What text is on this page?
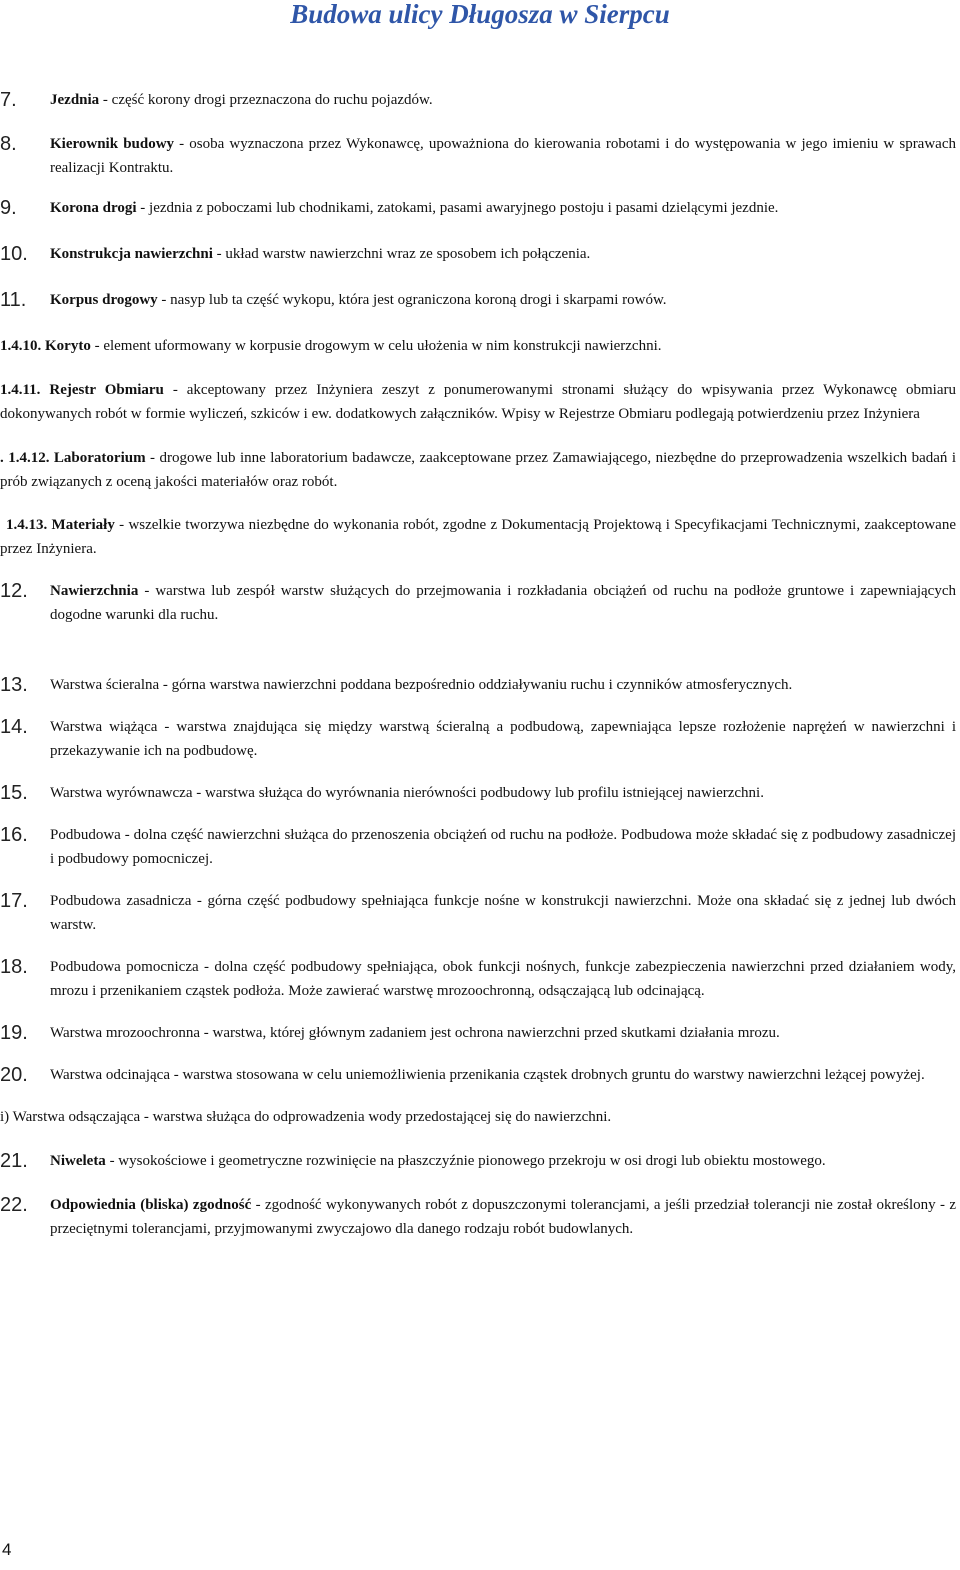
Budowa ulicy Długosza w Sierpcu
7. Jezdnia - część korony drogi przeznaczona do ruchu pojazdów.
8. Kierownik budowy - osoba wyznaczona przez Wykonawcę, upoważniona do kierowania robotami i do występowania w jego imieniu w sprawach realizacji Kontraktu.
9. Korona drogi - jezdnia z poboczami lub chodnikami, zatokami, pasami awaryjnego postoju i pasami dzielącymi jezdnie.
10. Konstrukcja nawierzchni - układ warstw nawierzchni wraz ze sposobem ich połączenia.
11. Korpus drogowy - nasyp lub ta część wykopu, która jest ograniczona koroną drogi i skarpami rowów.
1.4.10. Koryto - element uformowany w korpusie drogowym w celu ułożenia w nim konstrukcji nawierzchni.
1.4.11. Rejestr Obmiaru - akceptowany przez Inżyniera zeszyt z ponumerowanymi stronami służący do wpisywania przez Wykonawcę obmiaru dokonywanych robót w formie wyliczeń, szkiców i ew. dodatkowych załączników. Wpisy w Rejestrze Obmiaru podlegają potwierdzeniu przez Inżyniera
. 1.4.12. Laboratorium - drogowe lub inne laboratorium badawcze, zaakceptowane przez Zamawiającego, niezbędne do przeprowadzenia wszelkich badań i prób związanych z oceną jakości materiałów oraz robót.
1.4.13. Materiały - wszelkie tworzywa niezbędne do wykonania robót, zgodne z Dokumentacją Projektową i Specyfikacjami Technicznymi, zaakceptowane przez Inżyniera.
12. Nawierzchnia - warstwa lub zespół warstw służących do przejmowania i rozkładania obciążeń od ruchu na podłoże gruntowe i zapewniających dogodne warunki dla ruchu.
13. Warstwa ścieralna - górna warstwa nawierzchni poddana bezpośrednio oddziaływaniu ruchu i czynników atmosferycznych.
14. Warstwa wiążąca - warstwa znajdująca się między warstwą ścieralną a podbudową, zapewniająca lepsze rozłożenie naprężeń w nawierzchni i przekazywanie ich na podbudowę.
15. Warstwa wyrównawcza - warstwa służąca do wyrównania nierówności podbudowy lub profilu istniejącej nawierzchni.
16. Podbudowa - dolna część nawierzchni służąca do przenoszenia obciążeń od ruchu na podłoże. Podbudowa może składać się z podbudowy zasadniczej i podbudowy pomocniczej.
17. Podbudowa zasadnicza - górna część podbudowy spełniająca funkcje nośne w konstrukcji nawierzchni. Może ona składać się z jednej lub dwóch warstw.
18. Podbudowa pomocnicza - dolna część podbudowy spełniająca, obok funkcji nośnych, funkcje zabezpieczenia nawierzchni przed działaniem wody, mrozu i przenikaniem cząstek podłoża. Może zawierać warstwę mrozoochronną, odsączającą lub odcinającą.
19. Warstwa mrozoochronna - warstwa, której głównym zadaniem jest ochrona nawierzchni przed skutkami działania mrozu.
20. Warstwa odcinająca - warstwa stosowana w celu uniemożliwienia przenikania cząstek drobnych gruntu do warstwy nawierzchni leżącej powyżej.
i) Warstwa odsączająca - warstwa służąca do odprowadzenia wody przedostającej się do nawierzchni.
21. Niweleta - wysokościowe i geometryczne rozwinięcie na płaszczyźnie pionowego przekroju w osi drogi lub obiektu mostowego.
22. Odpowiednia (bliska) zgodność - zgodność wykonywanych robót z dopuszczonymi tolerancjami, a jeśli przedział tolerancji nie został określony - z przeciętnymi tolerancjami, przyjmowanymi zwyczajowo dla danego rodzaju robót budowlanych.
4
